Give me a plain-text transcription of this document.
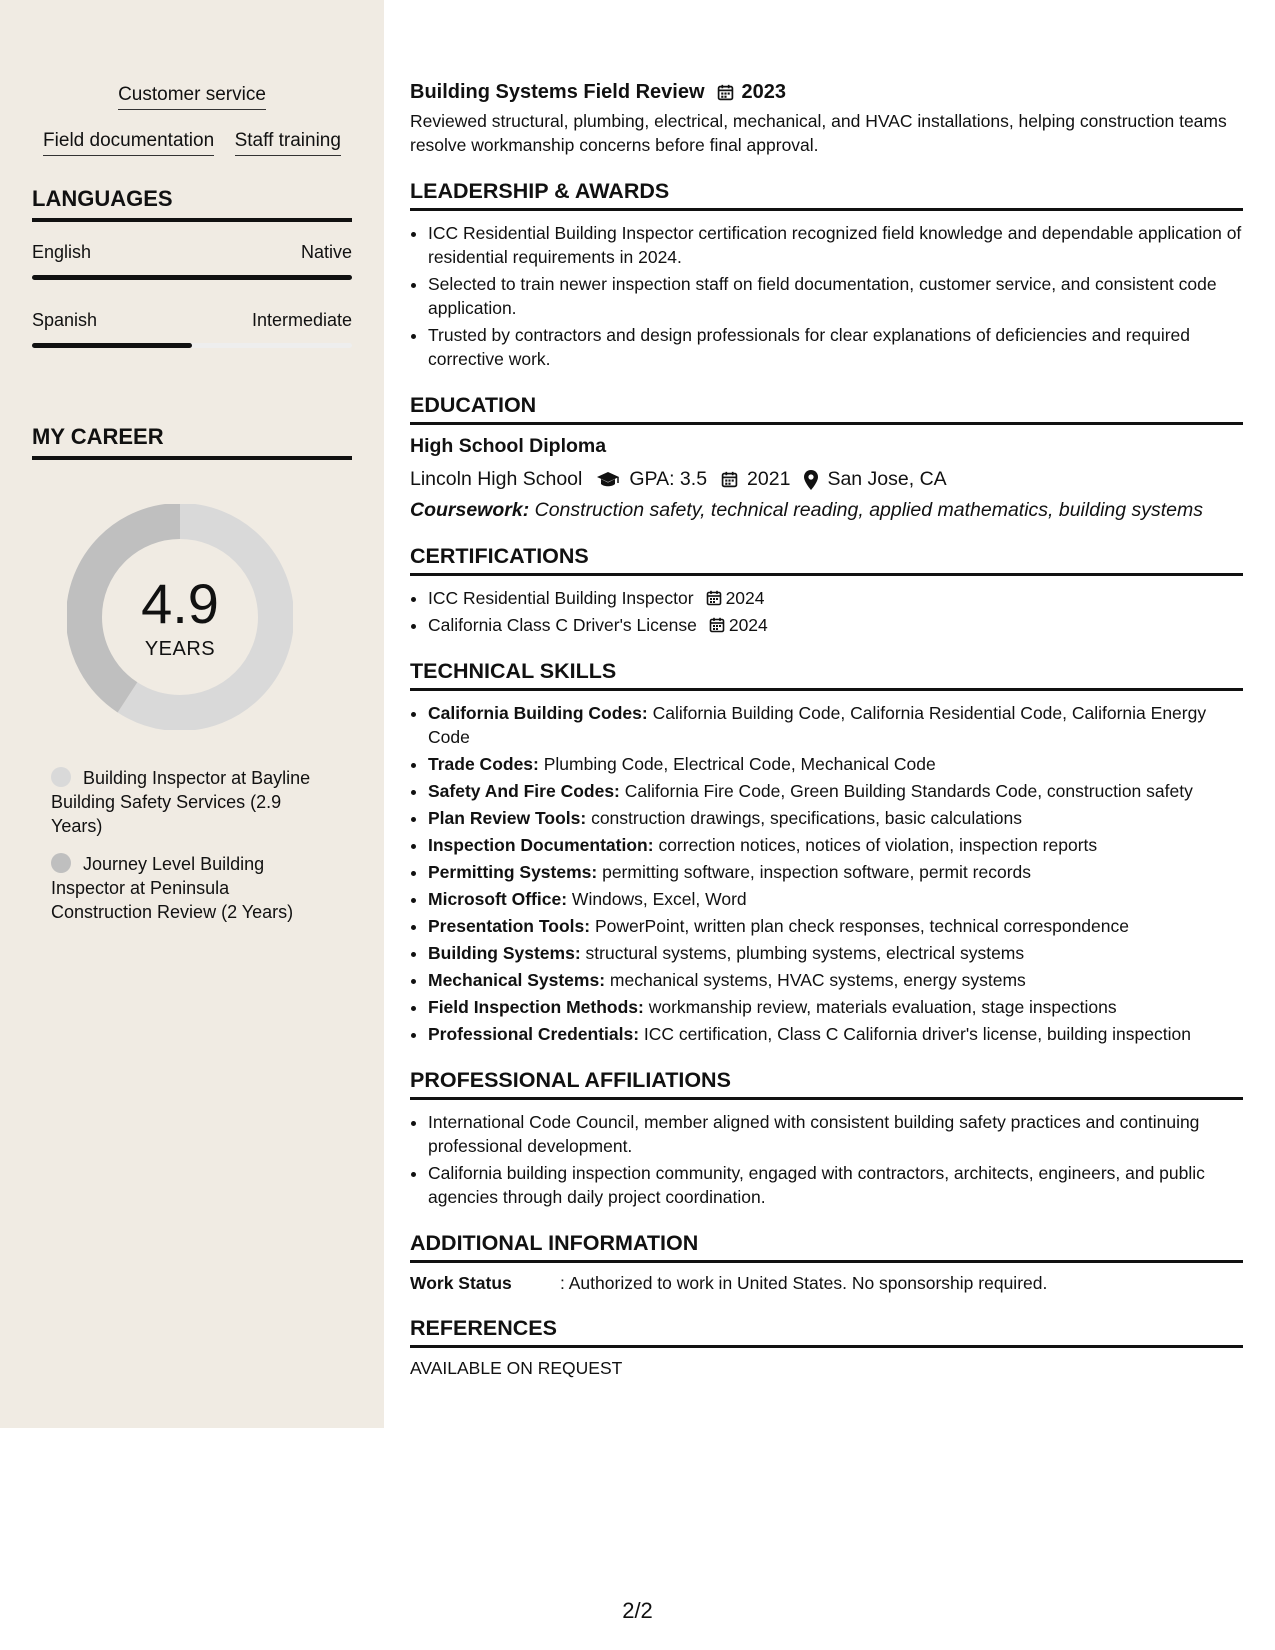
Customer service
Field documentation Staff training
LANGUAGES
English	Native
Spanish	Intermediate
MY CAREER
4.9
YEARS
Building Inspector at Bayline Building Safety Services (2.9 Years)
Journey Level Building Inspector at Peninsula Construction Review (2 Years)
Building Systems Field Review 2023
Reviewed structural, plumbing, electrical, mechanical, and HVAC installations, helping construction teams resolve workmanship concerns before final approval.
LEADERSHIP & AWARDS
• ICC Residential Building Inspector certification recognized field knowledge and dependable application of residential requirements in 2024.
• Selected to train newer inspection staff on field documentation, customer service, and consistent code application.
• Trusted by contractors and design professionals for clear explanations of deficiencies and required corrective work.
EDUCATION
High School Diploma
Lincoln High School GPA: 3.5 2021 San Jose, CA
Coursework: Construction safety, technical reading, applied mathematics, building systems
CERTIFICATIONS
• ICC Residential Building Inspector 2024
• California Class C Driver's License 2024
TECHNICAL SKILLS
• California Building Codes: California Building Code, California Residential Code, California Energy Code
• Trade Codes: Plumbing Code, Electrical Code, Mechanical Code
• Safety And Fire Codes: California Fire Code, Green Building Standards Code, construction safety
• Plan Review Tools: construction drawings, specifications, basic calculations
• Inspection Documentation: correction notices, notices of violation, inspection reports
• Permitting Systems: permitting software, inspection software, permit records
• Microsoft Office: Windows, Excel, Word
• Presentation Tools: PowerPoint, written plan check responses, technical correspondence
• Building Systems: structural systems, plumbing systems, electrical systems
• Mechanical Systems: mechanical systems, HVAC systems, energy systems
• Field Inspection Methods: workmanship review, materials evaluation, stage inspections
• Professional Credentials: ICC certification, Class C California driver's license, building inspection
PROFESSIONAL AFFILIATIONS
• International Code Council, member aligned with consistent building safety practices and continuing professional development.
• California building inspection community, engaged with contractors, architects, engineers, and public agencies through daily project coordination.
ADDITIONAL INFORMATION
Work Status	: Authorized to work in United States. No sponsorship required.
REFERENCES
AVAILABLE ON REQUEST
2/2
